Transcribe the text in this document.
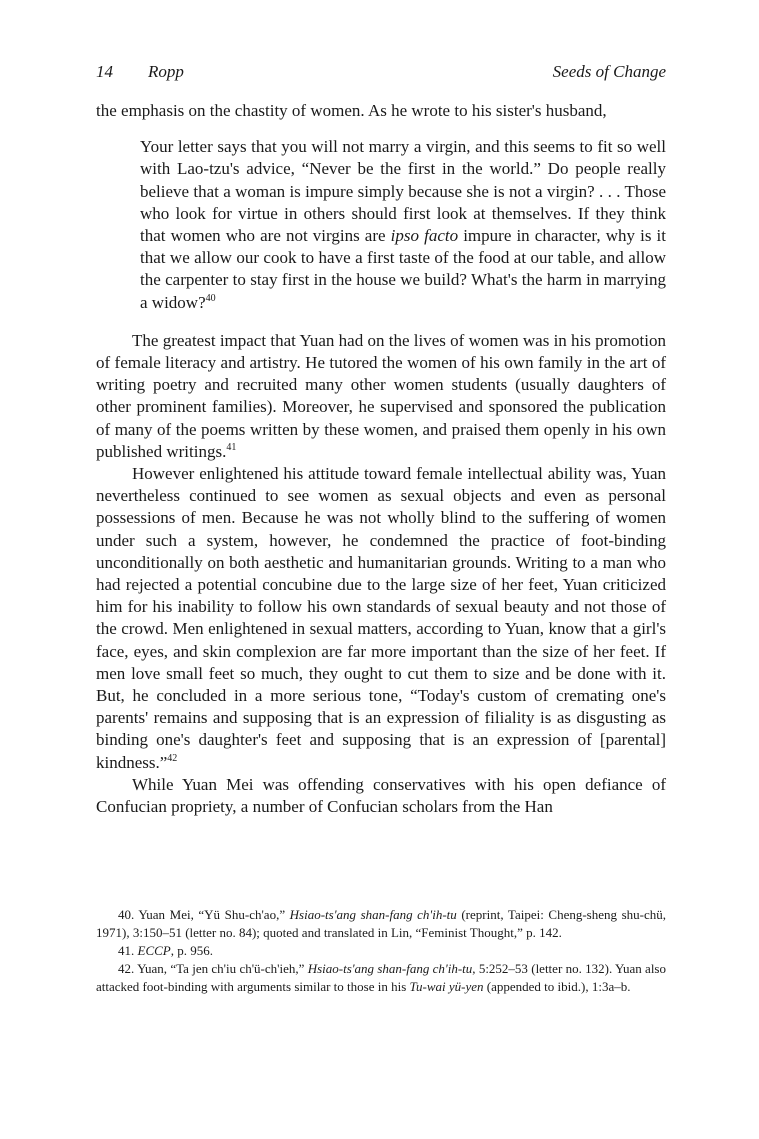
14 Ropp	Seeds of Change

the emphasis on the chastity of women. As he wrote to his sister's husband,

Your letter says that you will not marry a virgin, and this seems to fit so well with Lao-tzu's advice, “Never be the first in the world.” Do people really believe that a woman is impure simply because she is not a virgin? . . . Those who look for virtue in others should first look at themselves. If they think that women who are not virgins are ipso facto impure in character, why is it that we allow our cook to have a first taste of the food at our table, and allow the carpenter to stay first in the house we build? What's the harm in marrying a widow?$^{40}$

The greatest impact that Yuan had on the lives of women was in his promotion of female literacy and artistry. He tutored the women of his own family in the art of writing poetry and recruited many other women students (usually daughters of other prominent families). Moreover, he supervised and sponsored the publication of many of the poems written by these women, and praised them openly in his own published writings.$^{41}$

However enlightened his attitude toward female intellectual ability was, Yuan nevertheless continued to see women as sexual objects and even as personal possessions of men. Because he was not wholly blind to the suffering of women under such a system, however, he condemned the practice of foot-binding unconditionally on both aesthetic and humanitarian grounds. Writing to a man who had rejected a potential concubine due to the large size of her feet, Yuan criticized him for his inability to follow his own standards of sexual beauty and not those of the crowd. Men enlightened in sexual matters, according to Yuan, know that a girl's face, eyes, and skin complexion are far more important than the size of her feet. If men love small feet so much, they ought to cut them to size and be done with it. But, he concluded in a more serious tone, “Today's custom of cremating one's parents' remains and supposing that is an expression of filiality is as disgusting as binding one's daughter's feet and supposing that is an expression of [parental] kindness.”$^{42}$

While Yuan Mei was offending conservatives with his open defiance of Confucian propriety, a number of Confucian scholars from the Han

40. Yuan Mei, “Yü Shu-ch'ao,” Hsiao-ts'ang shan-fang ch'ih-tu (reprint, Taipei: Cheng-sheng shu-chü, 1971), 3:150–51 (letter no. 84); quoted and translated in Lin, “Feminist Thought,” p. 142.

41. ECCP, p. 956.

42. Yuan, “Ta jen ch'iu ch'ü-ch'ieh,” Hsiao-ts'ang shan-fang ch'ih-tu, 5:252–53 (letter no. 132). Yuan also attacked foot-binding with arguments similar to those in his Tu-wai yü-yen (appended to ibid.), 1:3a–b.
